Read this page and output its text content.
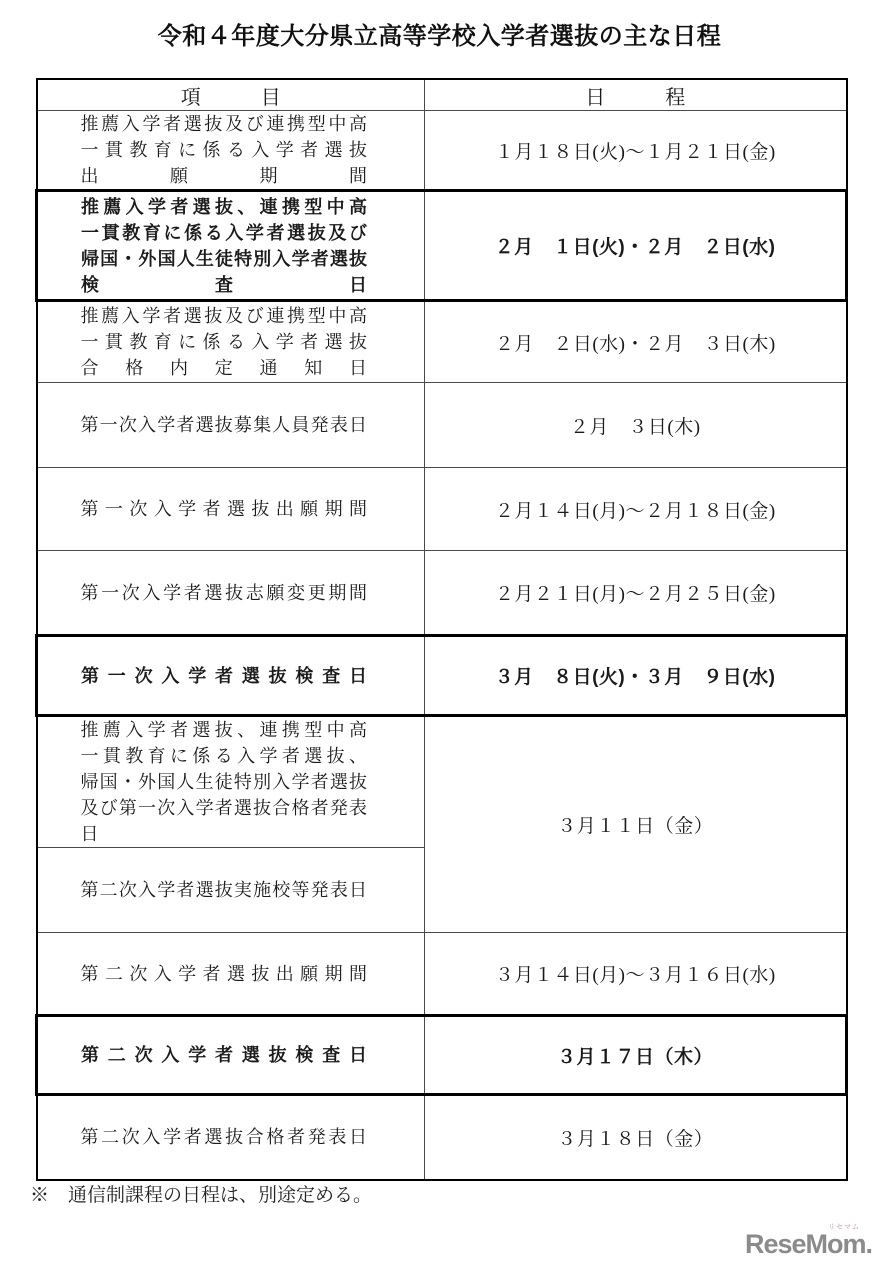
令和４年度大分県立高等学校入学者選抜の主な日程
項　　　目	日　　　程

推薦入学者選抜及び連携型中高
一貫教育に係る入学者選抜
出願期間	１月１８日(火)～１月２１日(金)

推薦入学者選抜、連携型中高
一貫教育に係る入学者選抜及び
帰国・外国人生徒特別入学者選抜
検査日	２月　１日(火)・２月　２日(水)

推薦入学者選抜及び連携型中高
一貫教育に係る入学者選抜
合格内定通知日	２月　２日(水)・２月　３日(木)

第一次入学者選抜募集人員発表日	２月　３日(木)

第一次入学者選抜出願期間	２月１４日(月)～２月１８日(金)

第一次入学者選抜志願変更期間	２月２１日(月)～２月２５日(金)

第一次入学者選抜検査日	３月　８日(火)・３月　９日(水)

推薦入学者選抜、連携型中高
一貫教育に係る入学者選抜、
帰国・外国人生徒特別入学者選抜
及び第一次入学者選抜合格者発表日	３月１１日（金）

第二次入学者選抜実施校等発表日	

第二次入学者選抜出願期間	３月１４日(月)～３月１６日(水)

第二次入学者選抜検査日	３月１７日（木）

第二次入学者選抜合格者発表日	３月１８日（金）
※　通信制課程の日程は、別途定める。
リセマム
ReseMom.
